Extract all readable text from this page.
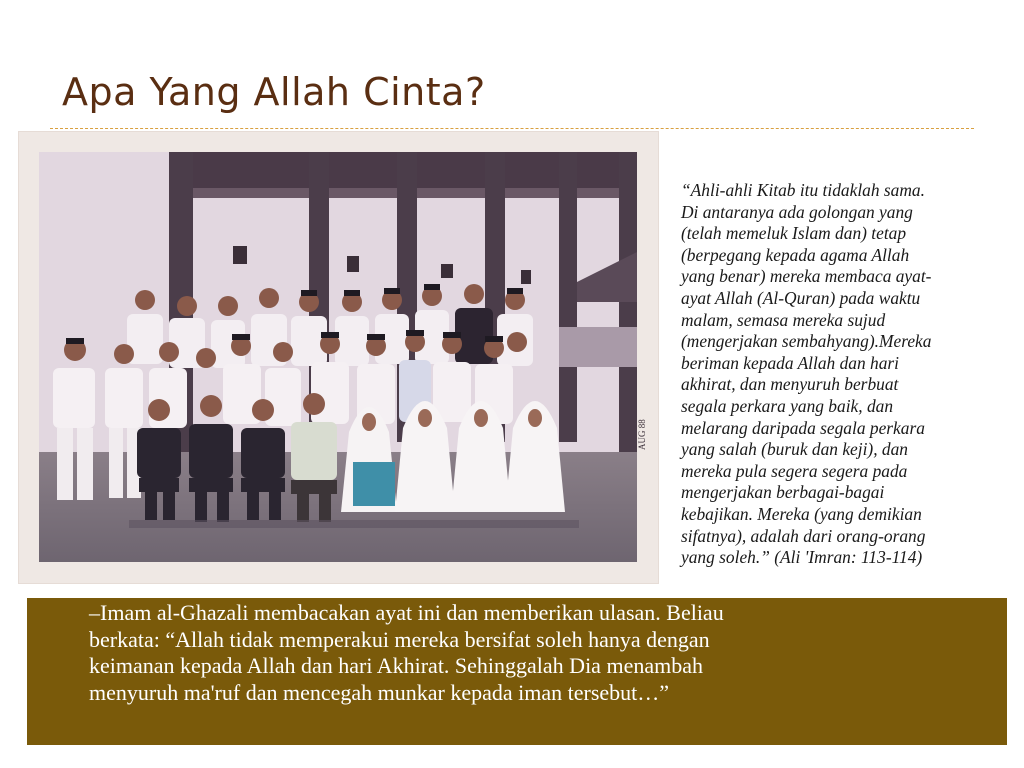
Apa Yang Allah Cinta?
AUG 88
“Ahli-ahli Kitab itu tidaklah sama.
Di antaranya ada golongan yang
(telah memeluk Islam dan) tetap
(berpegang kepada agama Allah
yang benar) mereka membaca ayat-
ayat Allah (Al-Quran) pada waktu
malam, semasa mereka sujud
(mengerjakan sembahyang).Mereka
beriman kepada Allah dan hari
akhirat, dan menyuruh berbuat
segala perkara yang baik, dan
melarang daripada segala perkara
yang salah (buruk dan keji), dan
mereka pula segera segera pada
mengerjakan berbagai-bagai
kebajikan. Mereka (yang demikian
sifatnya), adalah dari orang-orang
yang soleh.” (Ali 'Imran: 113-114)
–Imam al-Ghazali membacakan ayat ini dan memberikan ulasan. Beliau
berkata: “Allah tidak memperakui mereka bersifat soleh hanya dengan
keimanan kepada Allah dan hari Akhirat. Sehinggalah Dia menambah
menyuruh ma'ruf dan mencegah munkar kepada iman tersebut…”
